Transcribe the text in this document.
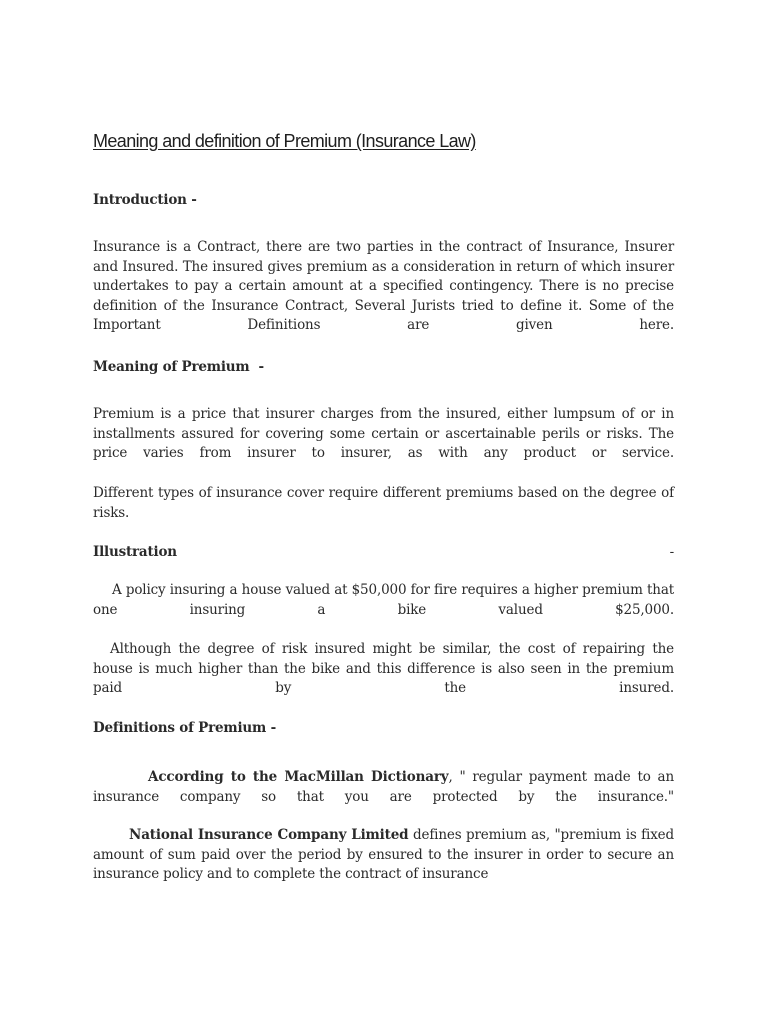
Meaning and definition of Premium (Insurance Law)
Introduction -

Insurance is a Contract, there are two parties in the contract of Insurance, Insurer and Insured. The insured gives premium as a consideration in return of which insurer undertakes to pay a certain amount at a specified contingency. There is no precise definition of the Insurance Contract, Several Jurists tried to define it. Some of the Important Definitions are given here.

Meaning of Premium  -

Premium is a price that insurer charges from the insured, either lumpsum of or in installments assured for covering some certain or ascertainable perils or risks. The price varies from insurer to insurer, as with any product or service.

Different types of insurance cover require different premiums based on the degree of risks.

Illustration	-

A policy insuring a house valued at $50,000 for fire requires a higher premium that one insuring a bike valued $25,000.

Although the degree of risk insured might be similar, the cost of repairing the house is much higher than the bike and this difference is also seen in the premium paid by the insured.

Definitions of Premium -

According to the MacMillan Dictionary, " regular payment made to an insurance company so that you are protected by the insurance."

National Insurance Company Limited defines premium as, "premium is fixed amount of sum paid over the period by ensured to the insurer in order to secure an insurance policy and to complete the contract of insurance
